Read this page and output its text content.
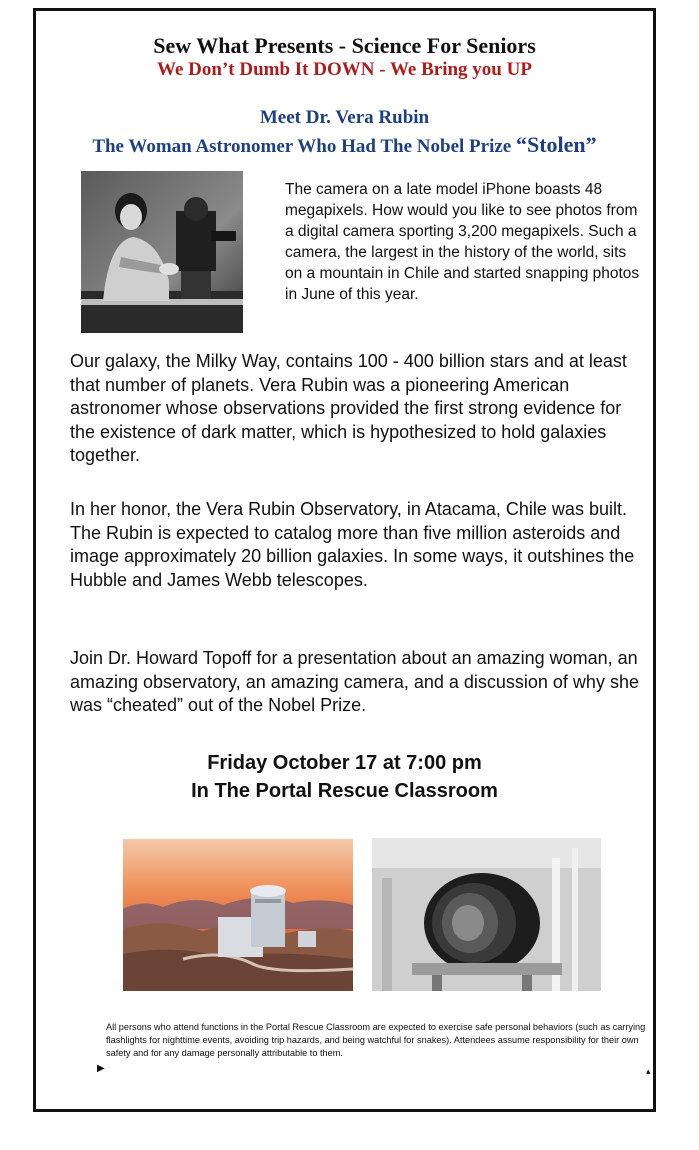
Sew What Presents - Science For Seniors
We Don’t Dumb It DOWN - We Bring you UP
Meet Dr. Vera Rubin
The Woman Astronomer Who Had The Nobel Prize “Stolen”
The camera on a late model iPhone boasts 48 megapixels. How would you like to see photos from a digital camera sporting 3,200 megapixels. Such a camera, the largest in the history of the world, sits on a mountain in Chile and started snapping photos in June of this year.
Our galaxy, the Milky Way, contains 100 - 400 billion stars and at least that number of planets. Vera Rubin was a pioneering American astronomer whose observations provided the first strong evidence for the existence of dark matter, which is hypothesized to hold galaxies together.
In her honor, the Vera Rubin Observatory, in Atacama, Chile was built. The Rubin is expected to catalog more than five million asteroids and image approximately 20 billion galaxies. In some ways, it outshines the Hubble and James Webb telescopes.
Join Dr. Howard Topoff for a presentation about an amazing woman, an amazing observatory, an amazing camera, and a discussion of why she was “cheated” out of the Nobel Prize.
Friday October 17 at 7:00 pm
In The Portal Rescue Classroom
All persons who attend functions in the Portal Rescue Classroom are expected to exercise safe personal behaviors (such as carrying flashlights for nighttime events, avoiding trip hazards, and being watchful for snakes). Attendees assume responsibility for their own safety and for any damage personally attributable to them.
▶	▴
